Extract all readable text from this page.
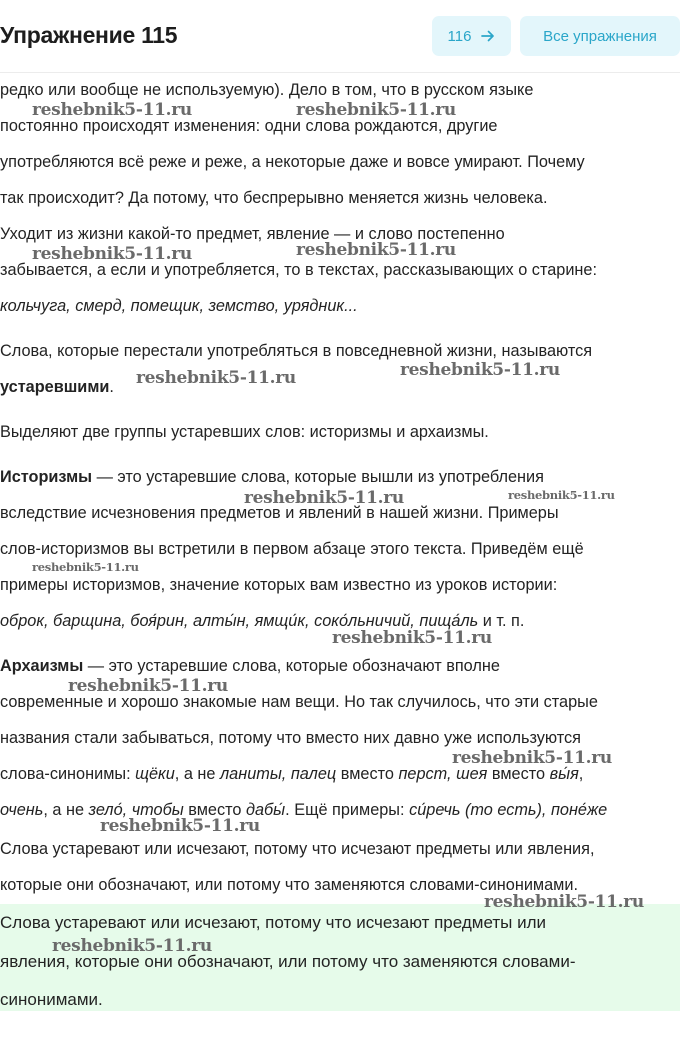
Упражнение 115	116	Все упражнения
редко или вообще не используемую). Дело в том, что в русском языке
постоянно происходят изменения: одни слова рождаются, другие
употребляются всё реже и реже, а некоторые даже и вовсе умирают. Почему
так происходит? Да потому, что беспрерывно меняется жизнь человека.
Уходит из жизни какой-то предмет, явление — и слово постепенно
забывается, а если и употребляется, то в текстах, рассказывающих о старине:
кольчуга, смерд, помещик, земство, урядник...
Слова, которые перестали употребляться в повседневной жизни, называются
устаревшими.
Выделяют две группы устаревших слов: историзмы и архаизмы.
Историзмы — это устаревшие слова, которые вышли из употребления
вследствие исчезновения предметов и явлений в нашей жизни. Примеры
слов-историзмов вы встретили в первом абзаце этого текста. Приведём ещё
примеры историзмов, значение которых вам известно из уроков истории:
оброк, барщина, боя́рин, алты́н, ямщи́к, соко́льничий, пища́ль и т. п.
Архаизмы — это устаревшие слова, которые обозначают вполне
современные и хорошо знакомые нам вещи. Но так случилось, что эти старые
названия стали забываться, потому что вместо них давно уже используются
слова-синонимы: щёки, а не ланиты, палец вместо перст, шея вместо вы́я,
очень, а не зело́, чтобы вместо дабы́. Ещё примеры: си́речь (то есть), поне́же
Слова устаревают или исчезают, потому что исчезают предметы или явления,
которые они обозначают, или потому что заменяются словами-синонимами.
Слова устаревают или исчезают, потому что исчезают предметы или
явления, которые они обозначают, или потому что заменяются словами-
синонимами.
reshebnik5-11.ru	reshebnik5-11.ru
reshebnik5-11.ru	reshebnik5-11.ru
reshebnik5-11.ru	reshebnik5-11.ru
reshebnik5-11.ru	reshebnik5-11.ru
reshebnik5-11.ru
reshebnik5-11.ru
reshebnik5-11.ru
reshebnik5-11.ru
reshebnik5-11.ru
reshebnik5-11.ru
reshebnik5-11.ru
